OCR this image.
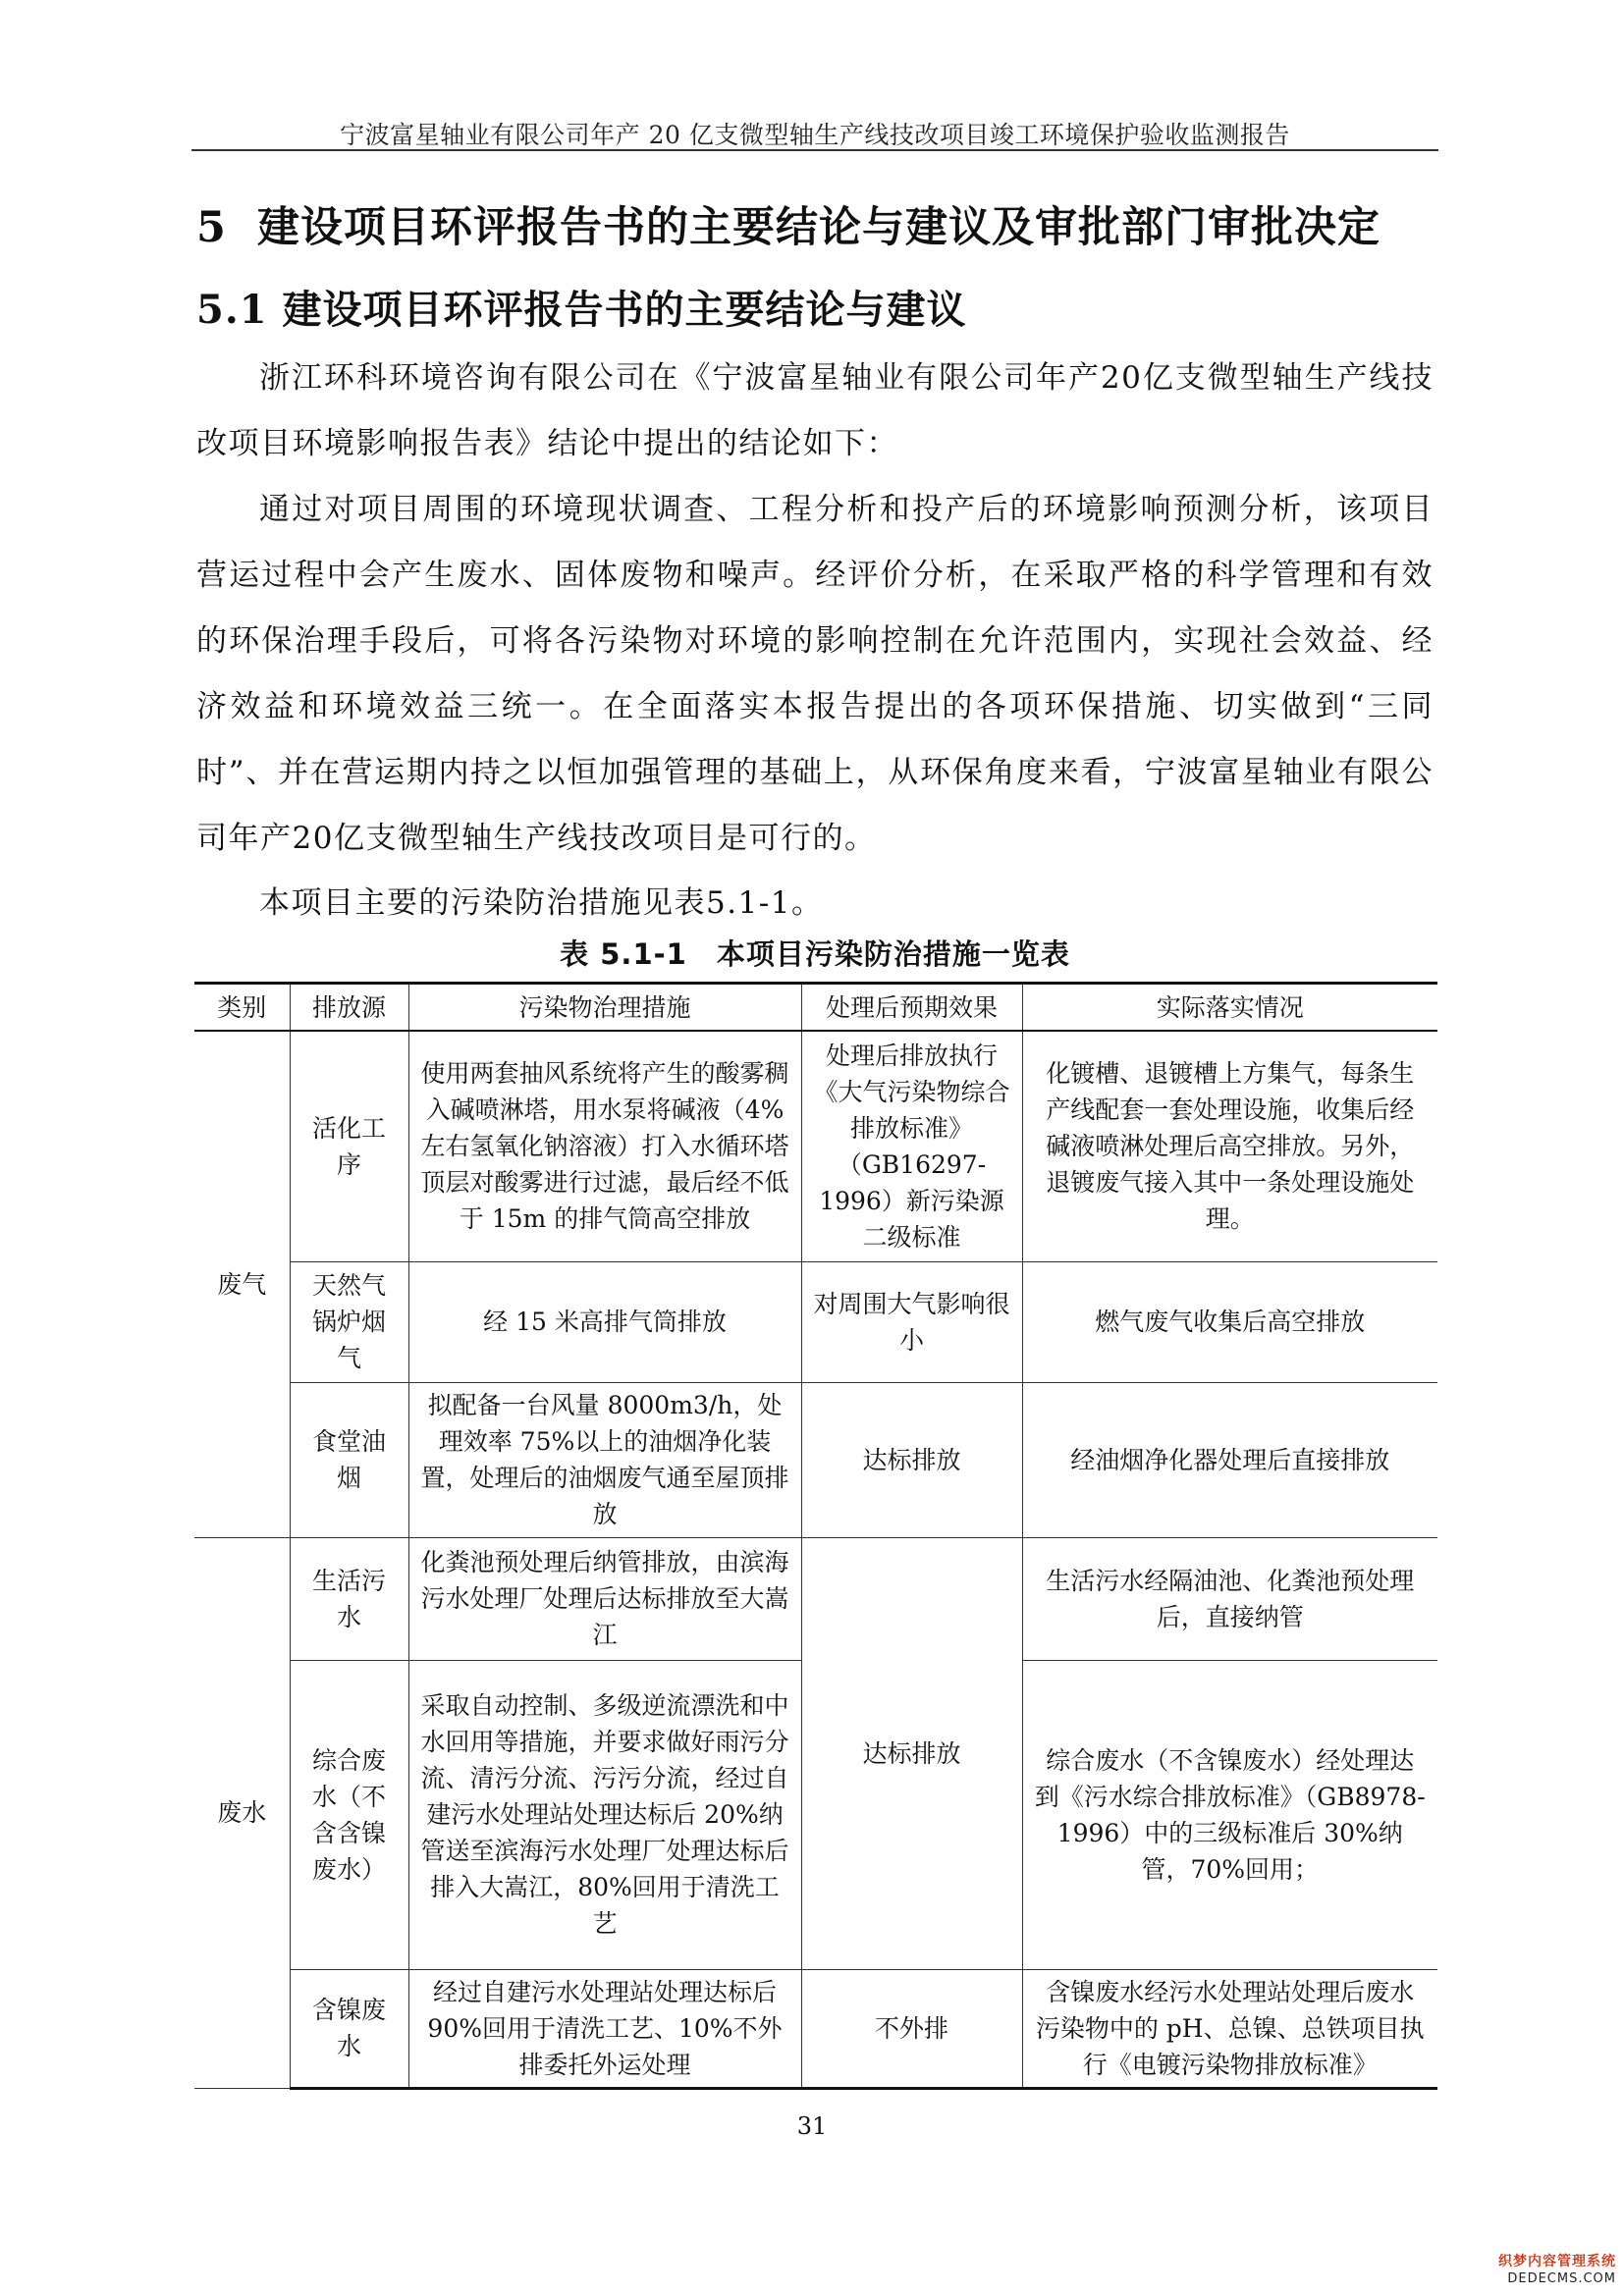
宁波富星轴业有限公司年产 20 亿支微型轴生产线技改项目竣工环境保护验收监测报告
5 建设项目环评报告书的主要结论与建议及审批部门审批决定
5.1 建设项目环评报告书的主要结论与建议
浙江环科环境咨询有限公司在《宁波富星轴业有限公司年产20亿支微型轴生产线技改项目环境影响报告表》结论中提出的结论如下：
通过对项目周围的环境现状调查、工程分析和投产后的环境影响预测分析，该项目营运过程中会产生废水、固体废物和噪声。经评价分析，在采取严格的科学管理和有效的环保治理手段后，可将各污染物对环境的影响控制在允许范围内，实现社会效益、经济效益和环境效益三统一。在全面落实本报告提出的各项环保措施、切实做到“三同时”、并在营运期内持之以恒加强管理的基础上，从环保角度来看，宁波富星轴业有限公司年产20亿支微型轴生产线技改项目是可行的。
本项目主要的污染防治措施见表5.1-1。
表 5.1-1　本项目污染防治措施一览表
类别	排放源	污染物治理措施	处理后预期效果	实际落实情况
废气	活化工序	使用两套抽风系统将产生的酸雾稠入碱喷淋塔，用水泵将碱液（4%左右氢氧化钠溶液）打入水循环塔顶层对酸雾进行过滤，最后经不低于 15m 的排气筒高空排放	处理后排放执行《大气污染物综合排放标准》（GB16297-1996）新污染源二级标准	化镀槽、退镀槽上方集气，每条生产线配套一套处理设施，收集后经碱液喷淋处理后高空排放。另外，退镀废气接入其中一条处理设施处理。
	天然气锅炉烟气	经 15 米高排气筒排放	对周围大气影响很小	燃气废气收集后高空排放
	食堂油烟	拟配备一台风量 8000m3/h，处理效率 75%以上的油烟净化装置，处理后的油烟废气通至屋顶排放	达标排放	经油烟净化器处理后直接排放
废水	生活污水	化粪池预处理后纳管排放，由滨海污水处理厂处理后达标排放至大嵩江	达标排放	生活污水经隔油池、化粪池预处理后，直接纳管
	综合废水（不含含镍废水）	采取自动控制、多级逆流漂洗和中水回用等措施，并要求做好雨污分流、清污分流、污污分流，经过自建污水处理站处理达标后 20%纳管送至滨海污水处理厂处理达标后排入大嵩江，80%回用于清洗工艺		综合废水（不含镍废水）经处理达到《污水综合排放标准》（GB8978-1996）中的三级标准后 30%纳管，70%回用；
	含镍废水	经过自建污水处理站处理达标后 90%回用于清洗工艺、10%不外排委托外运处理	不外排	含镍废水经污水处理站处理后废水污染物中的 pH、总镍、总铁项目执行《电镀污染物排放标准》
31
织梦内容管理系统
DEDECMS.COM
